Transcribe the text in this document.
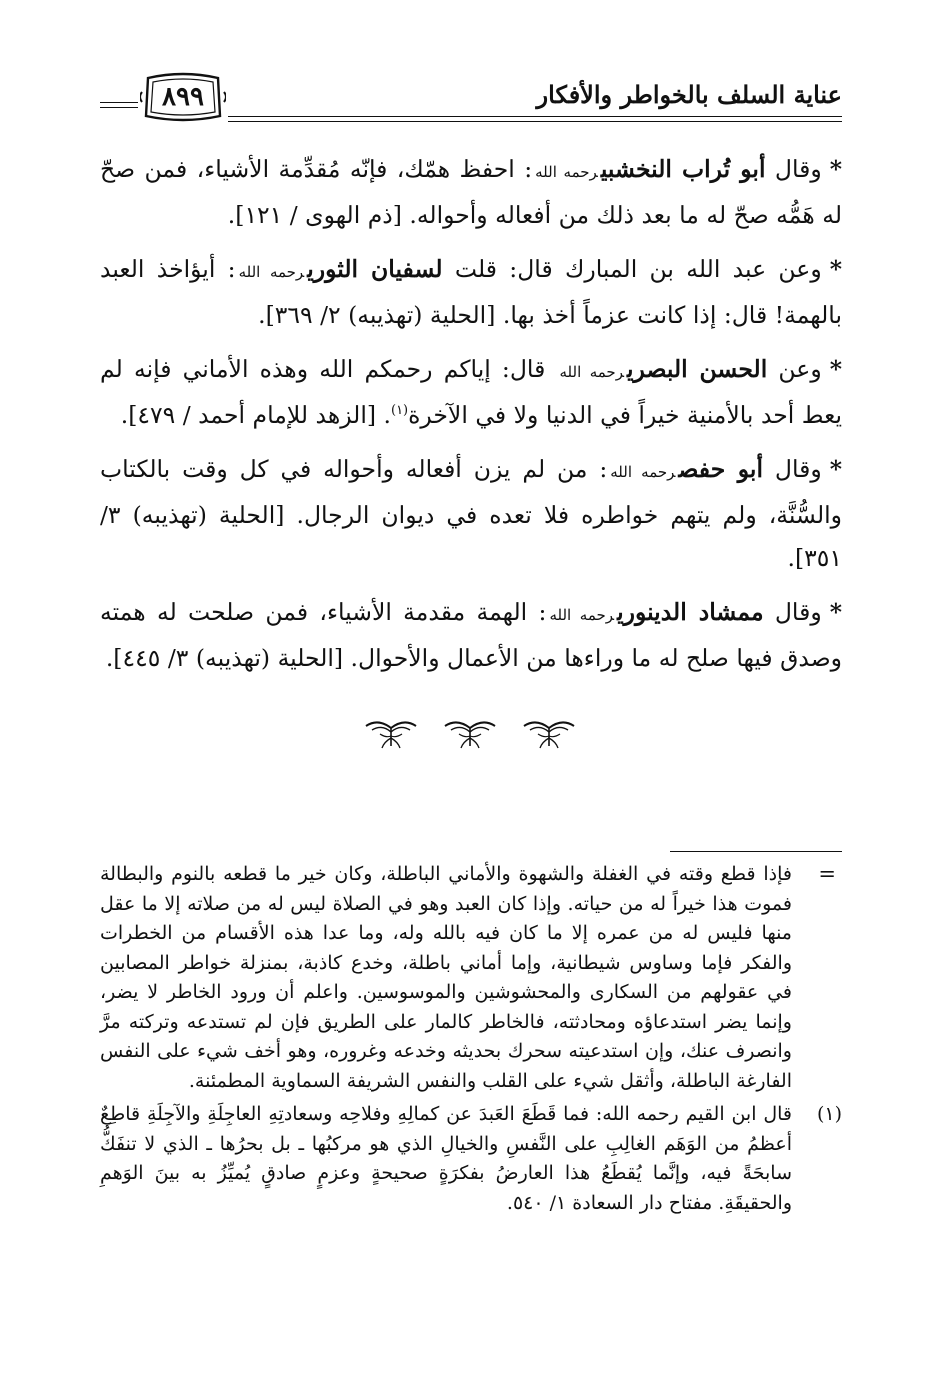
عناية السلف بالخواطر والأفكار
٨٩٩

*وقال أبو تُراب النخشبيرحمه الله: احفظ همّك، فإنّه مُقدِّمة الأشياء، فمن صحّ له هَمُّه صحّ له ما بعد ذلك من أفعاله وأحواله. [ذم الهوى / ١٢١].

*وعن عبد الله بن المبارك قال: قلت لسفيان الثوريرحمه الله: أيؤاخذ العبد بالهمة! قال: إذا كانت عزماً أخذ بها. [الحلية (تهذيبه) ٢/ ٣٦٩].

*وعن الحسن البصريرحمه الله قال: إياكم رحمكم الله وهذه الأماني فإنه لم يعط أحد بالأمنية خيراً في الدنيا ولا في الآخرة$^{(١)}$. [الزهد للإمام أحمد / ٤٧٩].

*وقال أبو حفصرحمه الله: من لم يزن أفعاله وأحواله في كل وقت بالكتاب والسُّنَّة، ولم يتهم خواطره فلا تعده في ديوان الرجال. [الحلية (تهذيبه) ٣/ ٣٥١].

*وقال ممشاد الدينوريرحمه الله: الهمة مقدمة الأشياء، فمن صلحت له همته وصدق فيها صلح له ما وراءها من الأعمال والأحوال. [الحلية (تهذيبه) ٣/ ٤٤٥].

=
فإذا قطع وقته في الغفلة والشهوة والأماني الباطلة، وكان خير ما قطعه بالنوم والبطالة فموت هذا خيراً له من حياته. وإذا كان العبد وهو في الصلاة ليس له من صلاته إلا ما عقل منها فليس له من عمره إلا ما كان فيه بالله وله، وما عدا هذه الأقسام من الخطرات والفكر فإما وساوس شيطانية، وإما أماني باطلة، وخدع كاذبة، بمنزلة خواطر المصابين في عقولهم من السكارى والمحشوشين والموسوسين. واعلم أن ورود الخاطر لا يضر، وإنما يضر استدعاؤه ومحادثته، فالخاطر كالمار على الطريق فإن لم تستدعه وتركته مرَّ وانصرف عنك، وإن استدعيته سحرك بحديثه وخدعه وغروره، وهو أخف شيء على النفس الفارغة الباطلة، وأثقل شيء على القلب والنفس الشريفة السماوية المطمئنة.
(١)
قال ابن القيم رحمه الله: فما قَطَعَ العَبدَ عن كمالِهِ وفلاحِه وسعادتِهِ العاجِلَةِ والآجِلَةِ قاطِعٌ أعظمُ من الوَهَم الغالِبِ على النَّفسِ والخيالِ الذي هو مركبُها ـ بل بحرُها ـ الذي لا تنفَكُّ سابحَةً فيه، وإنَّما يُقطَعُ هذا العارضُ بفكرَةٍ صحيحةٍ وعزمٍ صادقٍ يُميِّزُ به بينَ الوَهمِ والحقيقَةِ. مفتاح دار السعادة ١/ ٥٤٠.
